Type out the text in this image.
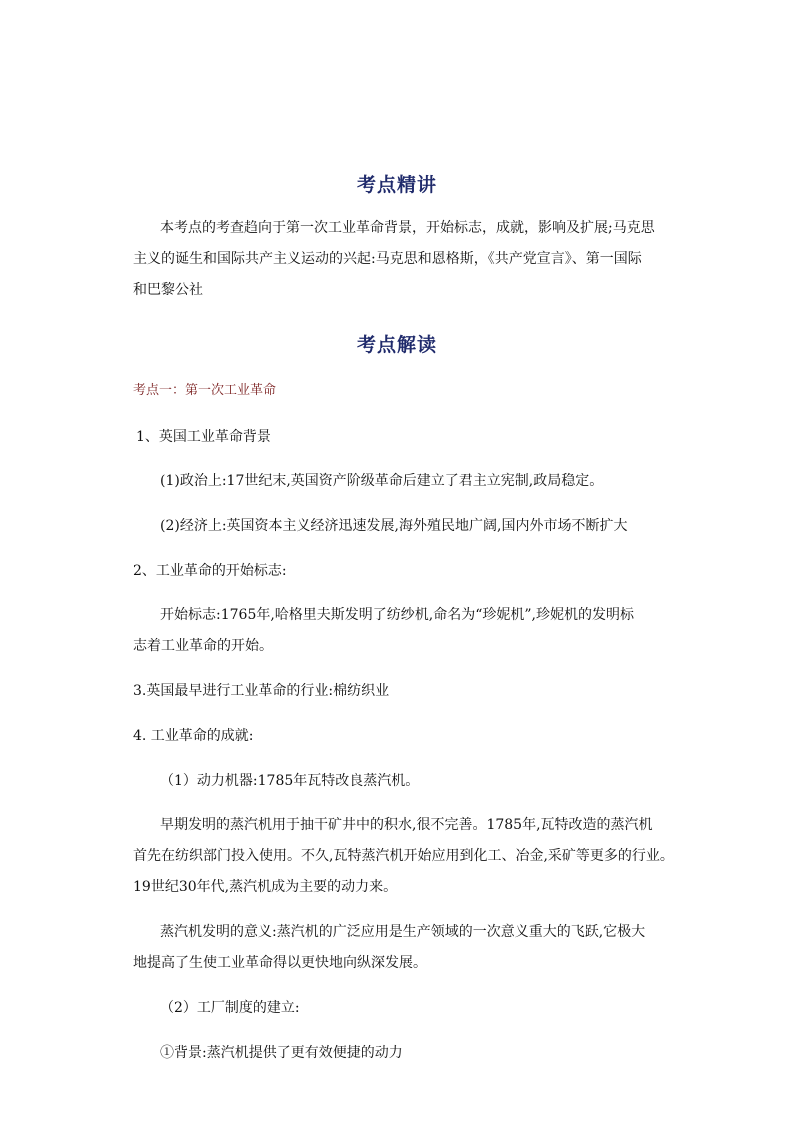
考点精讲

本考点的考查趋向于第一次工业革命背景，开始标志，成就，影响及扩展;马克思

主义的诞生和国际共产主义运动的兴起:马克思和恩格斯，《共产党宣言》、第一国际

和巴黎公社

考点解读

考点一：第一次工业革命

1、英国工业革命背景

(1)政治上:17世纪末,英国资产阶级革命后建立了君主立宪制,政局稳定。

(2)经济上:英国资本主义经济迅速发展,海外殖民地广阔,国内外市场不断扩大

2、工业革命的开始标志:

开始标志:1765年,哈格里夫斯发明了纺纱机,命名为“珍妮机”,珍妮机的发明标

志着工业革命的开始。

3.英国最早进行工业革命的行业:棉纺织业

4. 工业革命的成就:

（1）动力机器:1785年瓦特改良蒸汽机。

早期发明的蒸汽机用于抽干矿井中的积水,很不完善。1785年,瓦特改造的蒸汽机

首先在纺织部门投入使用。不久,瓦特蒸汽机开始应用到化工、冶金,采矿等更多的行业。

19世纪30年代,蒸汽机成为主要的动力来。

蒸汽机发明的意义:蒸汽机的广泛应用是生产领域的一次意义重大的飞跃,它极大

地提高了生使工业革命得以更快地向纵深发展。

（2）工厂制度的建立:

①背景:蒸汽机提供了更有效便捷的动力
